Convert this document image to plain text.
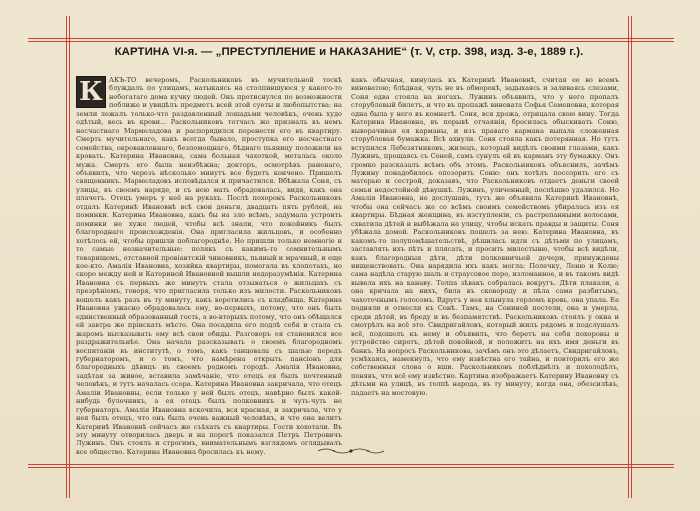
КАРТИНА VI-я. — „ПРЕСТУПЛЕНИЕ и НАКАЗАНИЕ“ (т. V, стр. 398, изд. 3-е, 1889 г.).
К АКЪ-ТО вечеромъ, Раскольниковъ въ мучительной тоскѣ блуждалъ по улицамъ, натыкаясь на столпившуюся у какого-то небогатаго дома кучку людей. Онъ протиснулся по возможности поближе и увидѣлъ предметъ всей этой суеты и любопытства: на земли лежалъ только-что раздавленный лошадьми человѣкъ, очень худо одѣтый, весь въ крови... Раскольниковъ тотчасъ же призналъ въ немъ несчастнаго Мармеладова и распорядился перенести его въ квартиру. Смерть мучительнаго, какъ всегда бывало, проступка его несчастнаго семейства, окровавленнаго, безпомощнаго, бѣднаго пьяницу положили на кровать. Катерина Ивановна, сама больная чахоткой, металась около мужа. Смерть его была неизбѣжна; докторъ, осмотрѣвъ раненаго, объявилъ, что черезъ нѣсколько минутъ все будетъ кончено. Пришелъ священникъ. Мармеладовъ исповѣдался и причастился. Вбѣжала Соня, съ улицы, въ своемъ наряде, и съ нею мать обрадовалась, видя, какъ она плачетъ. Отецъ умеръ у неё на рукахъ. Послѣ похоронъ Раскольниковъ отдалъ Катеринѣ Ивановнѣ всѣ свои деньги, двадцать пять рублей, на поминки. Катерина Ивановна, какъ бы на зло всѣмъ, задумала устроить поминки не хуже людей, чтобы всѣ знали, что покойникъ былъ благороднаго происхожденія. Она пригласила жильцовъ, и особенно хотѣлось ей, чтобы пришли поблагороднѣе. Но пришли только немногіе и то самые незначительные: полякъ съ какимъ-то сомнительнымъ товарищемъ, отставной провіантскій чиновникъ, пьяный и мрачный, и еще кое-кто. Амалія Ивановна, хозяйка квартиры, помогала въ хлопотахъ, но скоро между ней и Катериной Ивановной вышли недоразумѣнія. Катерина Ивановна съ первыхъ же минутъ стала отзываться о жильцахъ съ презрѣніемъ, говоря, что пригласила только изъ милости. Раскольниковъ вошелъ какъ разъ въ ту минуту, какъ воротились съ кладбища. Катерина Ивановна ужасно обрадовалась ему, во-первыхъ, потому, что онъ былъ единственный образованный гость, а во-вторыхъ потому, что онъ обѣщался ей завтра же пріискать мѣсто. Она посадила его подлѣ себя и стала съ жаромъ высказывать ему всѣ свои обиды. Разговоръ ея становился все раздражительнѣе. Она начала разсказывать о своемъ благородномъ воспитаніи въ институтѣ, о томъ, какъ танцовала съ шалью передъ губернаторомъ, и о томъ, что намѣрена открыть пансіонъ для благородныхъ дѣвицъ въ своемъ родномъ городѣ. Амалія Ивановна, задѣтая за живое, вставила замѣчаніе, что отецъ ея былъ почтенный человѣкъ, и тутъ началась ссора. Катерина Ивановна закричала, что отецъ Амаліи Ивановны, если только у ней былъ отецъ, навѣрно былъ какой-нибудь булочникъ, а ея отецъ былъ полковникъ и чуть-чуть не губернаторъ. Амалія Ивановна вскочила, вся красная, и закричала, что у нея былъ отецъ, что онъ былъ очень важный человѣкъ, и что она велитъ Катеринѣ Ивановнѣ сейчасъ же съѣхать съ квартиры. Гости хохотали. Въ эту минуту отворилась дверь и на порогѣ показался Петръ Петровичъ Лужинъ. Онъ стоялъ и строгимъ, внимательнымъ взглядомъ оглядывалъ все общество. Катерина Ивановна бросилась къ нему.
какъ обычная, кинулась къ Катеринѣ Ивановнѣ, считая ее во всемъ виноватою; блѣдная, чуть не въ обморокѣ, задыхаясь и заливаясь слезами, Соня едва стояла на ногахъ. Лужинъ объявилъ, что у него пропалъ сторублевый билетъ, и что въ пропажѣ виновата Софья Семеновна, которая одна была у него въ комнатѣ. Соня, вся дрожа, отрицала свою вину. Тогда Катерина Ивановна, въ порывѣ отчаянія, бросилась обыскивать Соню, выворачивая ея карманы, и изъ праваго кармана выпала сложенная сторублевая бумажка. Всѣ ахнули. Соня стояла какъ потерянная. Но тутъ вступился Лебезятниковъ, жилецъ, который видѣлъ своими глазами, какъ Лужинъ, прощаясь съ Соней, самъ сунулъ ей въ карманъ эту бумажку. Онъ громко разсказалъ всѣмъ объ этомъ. Раскольниковъ объяснилъ, зачѣмъ Лужину понадобилось опозорить Соню: онъ хотѣлъ поссорить его съ матерью и сестрой, доказавъ, что Раскольниковъ отдаетъ деньги своей семьи недостойной дѣвушкѣ. Лужинъ, уличенный, поспѣшно удалился. Но Амалія Ивановна, не дослушавъ, тутъ же объявила Катеринѣ Ивановнѣ, чтобы она сейчасъ же со всѣмъ своимъ семействомъ убиралась изъ ея квартиры. Бѣдная женщина, въ изступленіи, съ растрепанными волосами, схватила дѣтей и выбѣжала на улицу, чтобы искать правды и защиты. Соня убѣжала домой. Раскольниковъ пошелъ за нею. Катерина Ивановна, въ какомъ-то полупомѣшательствѣ, рѣшилась идти съ дѣтьми по улицамъ, заставлять ихъ пѣть и плясать, и просить милостыню, чтобы всѣ видѣли, какъ благородныя дѣти, дѣти полковничьей дочери, принуждены нищенствовать. Она нарядила ихъ какъ могла: Полечку, Леню и Колю; сама надѣла старую шаль и страусовое перо, изломанное, и въ такомъ видѣ вывела ихъ на канаву. Толпа зѣвакъ собралась вокругъ. Дѣти плакали, а она кричала на нихъ, била въ сковороду и пѣла сама разбитымъ, чахоточнымъ голосомъ. Вдругъ у нея хлынула горломъ кровь, она упала. Ее подняли и отнесли къ Сонѣ. Тамъ, на Сониной постели, она и умерла, среди дѣтей, въ бреду и въ безпамятствѣ. Раскольниковъ стоялъ у окна и смотрѣлъ на всё это. Свидригайловъ, который жилъ рядомъ и подслушалъ всё, подошелъ къ нему и объявилъ, что беретъ на себя похороны и устройство сиротъ, дѣтей покойной, и положитъ на ихъ имя деньги въ банкъ. На вопросъ Раскольникова, зачѣмъ онъ это дѣлаетъ, Свидригайловъ, усмѣхаясь, намекнулъ, что ему извѣстна его тайна, и повторилъ его же собственныя слова о вши. Раскольниковъ поблѣднѣлъ и похолодѣлъ, понявъ, что всё ему извѣстно. Картина изображаетъ Катерину Ивановну съ дѣтьми на улицѣ, въ толпѣ народа, въ ту минуту, когда она, обезсилѣвъ, падаетъ на мостовую.
